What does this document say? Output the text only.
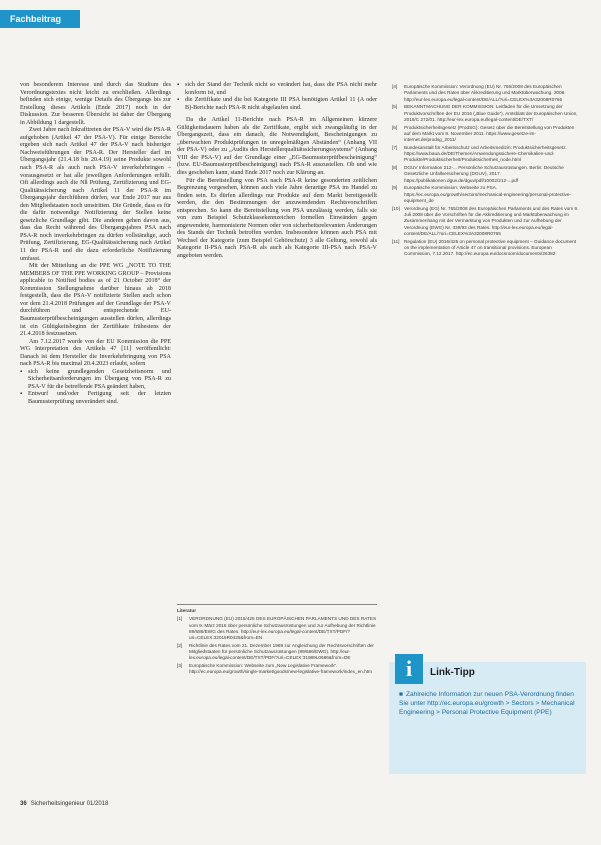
Fachbeitrag

von besonderem Interesse und durch das Studium des Verordnungstextes nicht leicht zu erschließen. Allerdings befinden sich einige, wenige Details des Übergangs bis zur Erstellung dieses Artikels (Ende 2017) noch in der Diskussion. Zur besseren Übersicht ist daher der Übergang in Abbildung 1 dargestellt.

Zwei Jahre nach Inkrafttreten der PSA-V wird die PSA-R aufgehoben (Artikel 47 der PSA-V). Für einige Bereiche ergeben sich nach Artikel 47 der PSA-V nach bisheriger Nachweisführungen der PSA-R. Der Hersteller darf im Übergangsjahr (21.4.18 bis 20.4.19) seine Produkte sowohl nach PSA-R als auch nach PSA-V inverkehrbringen – vorausgesetzt er hat alle jeweiligen Anforderungen erfüllt. Oft allerdings auch die Nß Prüfung, Zertifizierung und EG-Qualitätssicherung nach Artikel 11 der PSA-R im Übergangsjahr durchführen dürfen, war Ende 2017 nur aus den Mitgliedstaaten noch umstritten. Die Gründe, dass es für die dafür notwendige Notifizierung der Stellen keine gesetzliche Grundlage gibt. Die anderen gehen davon aus, dass das Recht während des Übergangsjahres PSA nach PSA-R noch inverkehrbringen zu dürfen vollständige, auch Prüfung, Zertifizierung, EG-Qualitätssicherung nach Artikel 11 der PSA-R und die dazu erforderliche Notifizierung umfasst.

Mit der Mitteilung an die PPE WG „NOTE TO THE MEMBERS OF THE PPE WORKING GROUP – Provisions applicable to Notified bodies as of 21 October 2018“ der Kommission Stellungnahme darüber hinaus ab 2018 festgestellt, dass die PSA-V notifizierte Stellen auch schon vor dem 21.4.2018 Prüfungen auf der Grundlage der PSA-V durchführen und entsprechende EU-Baumusterprüfbescheinigungen ausstellen dürfen, allerdings ist ein Gültigkeitsbeginn der Zertifikate frühestens der 21.4.2018 festzusetzen.

Am 7.12.2017 wurde von der EU Kommission die PPE WG Interpretation des Artikels 47 [11] veröffentlicht: Danach ist dem Hersteller die Inverkehrbringung von PSA nach PSA-R bis maximal 20.4.2023 erlaubt, sofern

▪ sich keine grundlegenden Gesetzheitsnorm und Sicherheitsanforderungen im Übergang von PSA-R zu PSA-V für die betreffende PSA geändert haben,
▪ Entwurf und/oder Fertigung seit der letzten Baumusterprüfung unverändert sind.
▪ sich der Stand der Technik nicht so verändert hat, dass die PSA nicht mehr konform ist, und
▪ die Zertifikate und die bei Kategorie III PSA benötigten Artikel 11 (A oder B)-Berichte nach PSA-R nicht abgelaufen sind.

Da die Artikel 11-Berichte nach PSA-R im Allgemeinen kürzere Gültigkeitsdauern haben als die Zertifikate, ergibt sich zwangsläufig in der Übergangszeit, dass ein danach, die Notwendigkeit, Bescheinigungen zu „überwachten Produktprüfungen in unregelmäßigen Abständen“ (Anhang VII der PSA-V) oder zu „Audits des Herstellerqualitätssicherungssystems“ (Anhang VIII der PSA-V) auf der Grundlage einer „EG-Baumusterprüfbescheinigung“ (bzw. EU-Baumusterprüfbescheinigung) nach PSA-R auszustellen. Ob und wie dies geschehen kann, stand Ende 2017 noch zur Klärung an.

Für die Bereitstellung von PSA nach PSA-R keine gesonderten zeitlichen Begrenzung vorgesehen, können auch viele Jahre derartige PSA im Handel zu finden sein. Es dürfen allerdings nur Produkte auf dem Markt bereitgestellt werden, die den Bestimmungen der anzuwendenden Rechtsvorschriften entsprechen. So kann die Bereitstellung von PSA unzulässig werden, falls sie von zum Beispiel Schutzklassekennzeichen formellen Einwänden gegen angewendete, harmonisierte Normen oder von sicherheitsrelevanten Änderungen des Stands der Technik betroffen werden. Insbesondere können auch PSA mit Wechsel der Kategorie (zum Beispiel Gehörschutz) 3 alle Geltung, sowohl als Kategorie II-PSA nach PSA-R als auch als Kategorie III-PSA nach PSA-V angeboten werden.

Literatur
[1] VERORDNUNG (EU) 2016/425 DES EUROPÄISCHEN PARLAMENTS UND DES RATES vom 9. März 2016 über persönliche Schutzausrüstungen und zur Aufhebung der Richtlinie 89/686/EWG des Rates. http://eur-lex.europa.eu/legal-content/DE/TXT/PDF/?uri=CELEX:32016R0425&from=EN
[2] Richtlinie des Rates vom 21. Dezember 1989 zur Angleichung der Rechtsvorschriften der Mitgliedstaaten für persönliche Schutzausrüstungen (89/686/EWG). http://eur-lex.europa.eu/legal-content/DE/TXT/PDF/?uri=CELEX:31989L0686&from=DE
[3] Europäische Kommission: Webseite zum „New Legislative Framework“. http://ec.europa.eu/growth/single-market/goods/new-legislative-framework/index_en.htm
[4] Europäische Kommission: Verordnung (EU) Nr. 765/2008 des Europäischen Parlaments und des Rates über Akkreditierung und Marktüberwachung. 2008. http://eur-lex.europa.eu/legal-content/DE/ALL/?uri=CELEX%3A32008R0765
[5] BEKANNTMACHUNG DER KOMMISSION: Leitfaden für die Umsetzung der Produktvorschriften der EU 2016 („Blue Guide“). Amtsblatt der Europäischen Union, 2016/C 272/01. http://eur-lex.europa.eu/legal-content/DE/TXT/
[6] Produktsicherheitsgesetz (ProdSG): Gesetz über die Bereitstellung von Produkten auf dem Markt vom 8. November 2011. https://www.gesetze-im-internet.de/prodsg_2011/
[7] Bundesanstalt für Arbeitsschutz und Arbeitsmedizin: Produktsicherheitsgesetz. https://www.baua.de/DE/Themen/Anwendungssichere-Chemikalien-und-Produkte/Produktsicherheit/Produktsicherheit_node.html
[8] DGUV Information 212-... Persönliche Schutzausrüstungen. Berlin: Deutsche Gesetzliche Unfallversicherung (DGUV), 2017. https://publikationen.dguv.de/dguv/pdf/10002/212-...pdf
[9] Europäische Kommission: Webseite zu PSA. https://ec.europa.eu/growth/sectors/mechanical-engineering/personal-protective-equipment_de
[10] Verordnung (EG) Nr. 765/2008 des Europäischen Parlaments und des Rates vom 9. Juli 2008 über die Vorschriften für die Akkreditierung und Marktüberwachung im Zusammenhang mit der Vermarktung von Produkten und zur Aufhebung der Verordnung (EWG) Nr. 339/93 des Rates. http://eur-lex.europa.eu/legal-content/DE/ALL/?uri=CELEX%3A32008R0765
[11] Regulation (EU) 2016/425 on personal protective equipment – Guidance document on the implementation of Article 47 on transitional provisions. European Commission, 7.12.2017. http://ec.europa.eu/docsroom/documents/26382
i	Link-Tipp
■ Zahlreiche Information zur neuen PSA-Verordnung finden Sie unter http://ec.europa.eu/growth > Sectors > Mechanical Engineering > Personal Protective Equipment (PPE)
36 Sicherheitsingenieur 01/2018
